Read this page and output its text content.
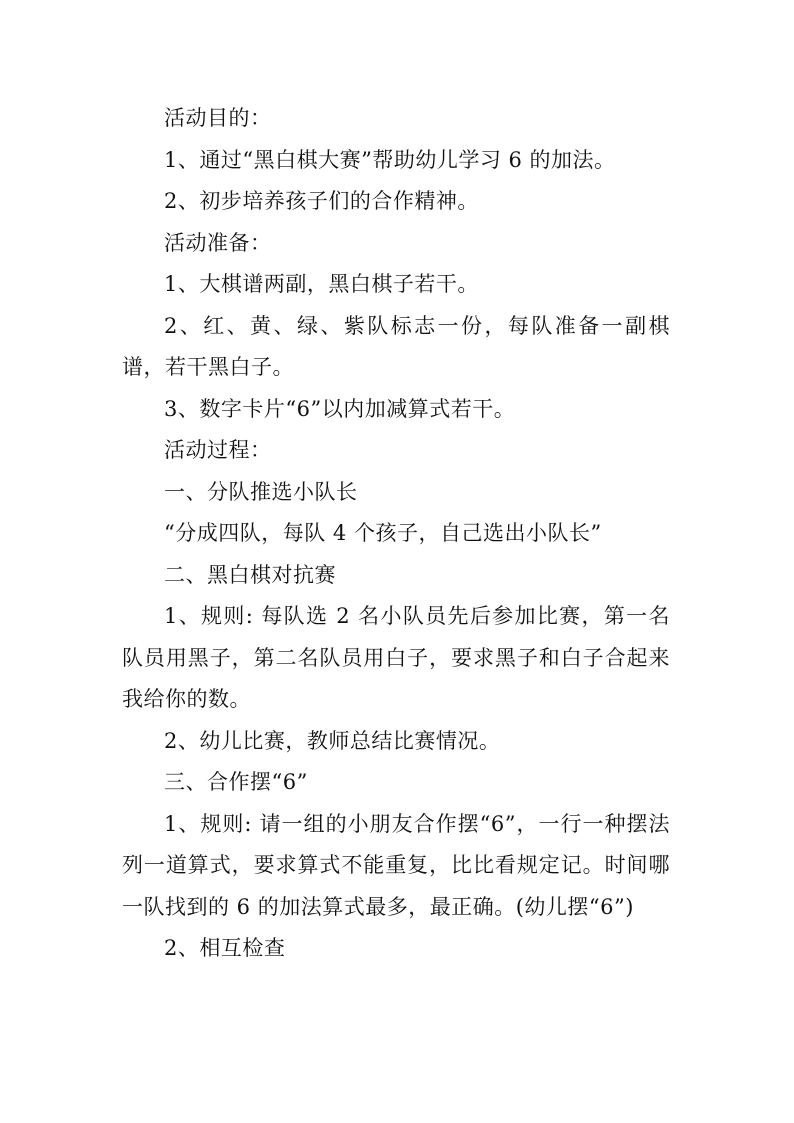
活动目的：

1、通过“黑白棋大赛”帮助幼儿学习 6 的加法。

2、初步培养孩子们的合作精神。

活动准备：

1、大棋谱两副，黑白棋子若干。

2、红、黄、绿、紫队标志一份，每队准备一副棋谱，若干黑白子。

3、数字卡片“6”以内加减算式若干。

活动过程：

一、分队推选小队长

“分成四队，每队 4 个孩子，自己选出小队长”

二、黑白棋对抗赛

1、规则: 每队选 2 名小队员先后参加比赛，第一名队员用黑子，第二名队员用白子，要求黑子和白子合起来我给你的数。

2、幼儿比赛，教师总结比赛情况。

三、合作摆“6”

1、规则: 请一组的小朋友合作摆“6”，一行一种摆法列一道算式，要求算式不能重复，比比看规定记。时间哪一队找到的 6 的加法算式最多，最正确。(幼儿摆“6”)

2、相互检查
